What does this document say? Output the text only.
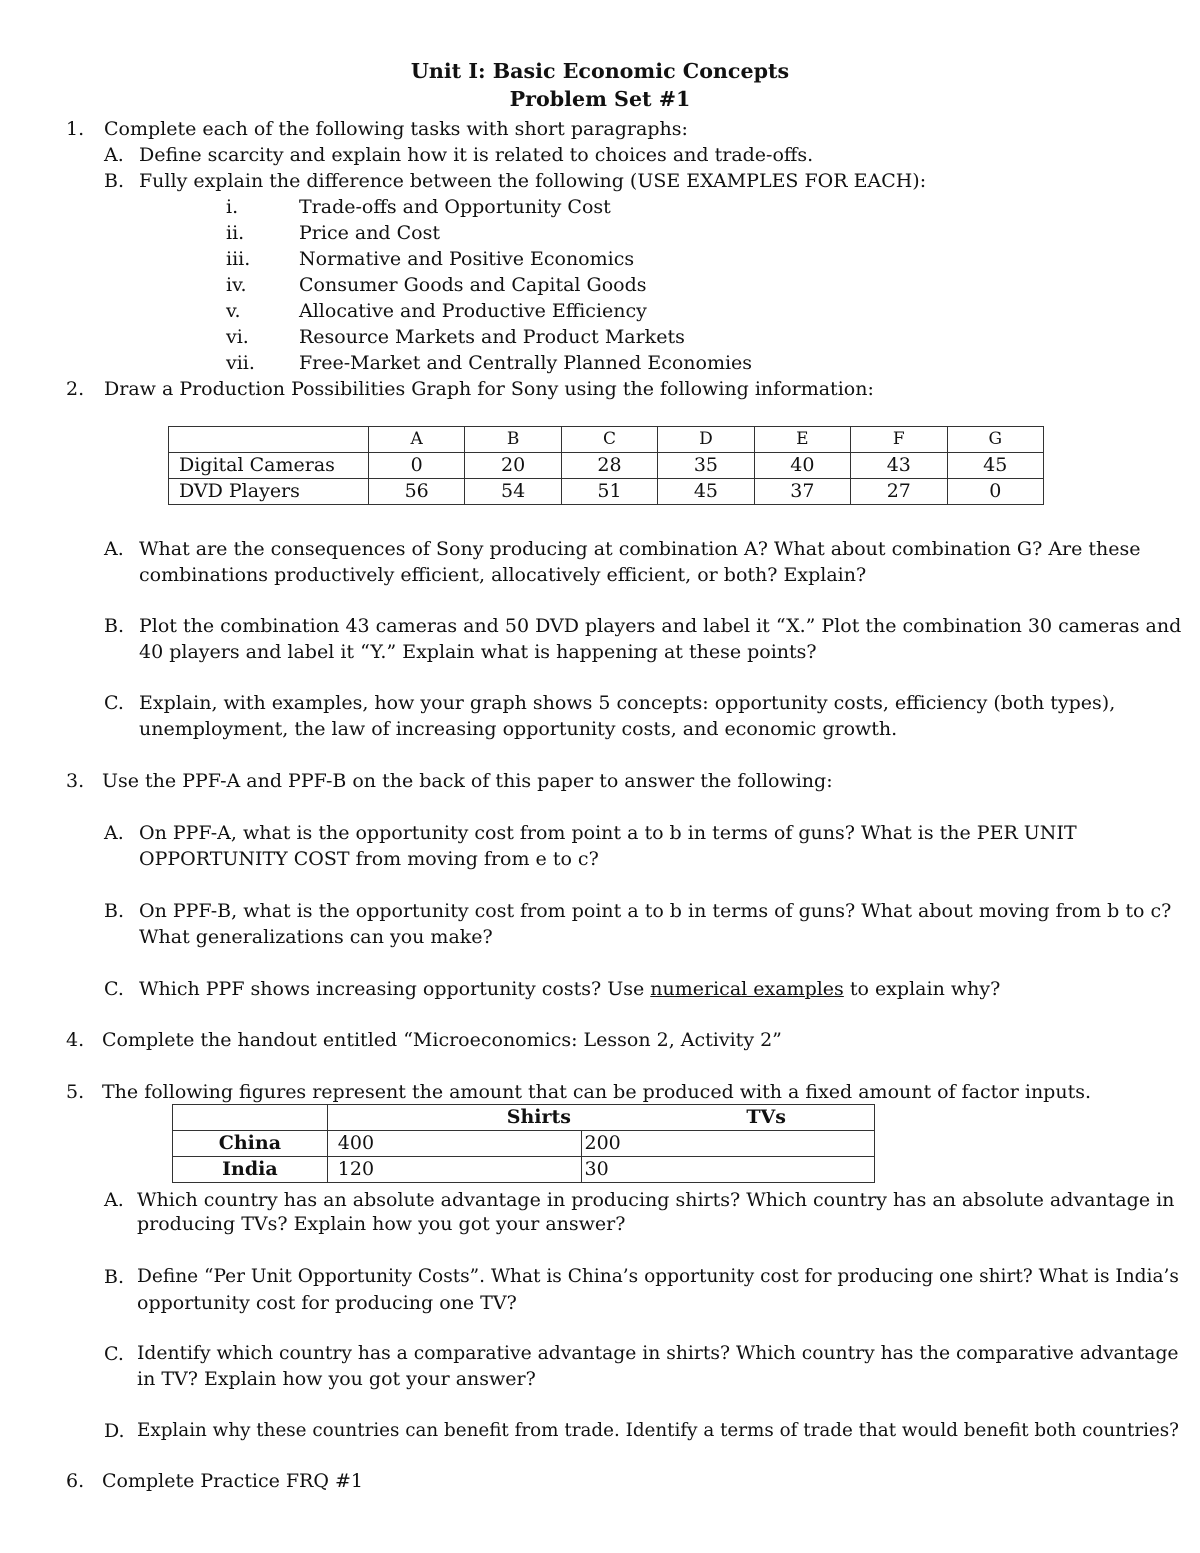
Unit I: Basic Economic Concepts
Problem Set #1
1. Complete each of the following tasks with short paragraphs:
A. Define scarcity and explain how it is related to choices and trade-offs.
B. Fully explain the difference between the following (USE EXAMPLES FOR EACH):
i.	Trade-offs and Opportunity Cost
ii.	Price and Cost
iii.	Normative and Positive Economics
iv.	Consumer Goods and Capital Goods
v.	Allocative and Productive Efficiency
vi.	Resource Markets and Product Markets
vii. Free-Market and Centrally Planned Economies
2. Draw a Production Possibilities Graph for Sony using the following information:
	A	B	C	D	E	F	G
Digital Cameras	0	20	28	35	40	43	45
DVD Players	56	54	51	45	37	27	0
A. What are the consequences of Sony producing at combination A? What about combination G? Are these
combinations productively efficient, allocatively efficient, or both? Explain?
B. Plot the combination 43 cameras and 50 DVD players and label it “X.” Plot the combination 30 cameras and
40 players and label it “Y.” Explain what is happening at these points?
C. Explain, with examples, how your graph shows 5 concepts: opportunity costs, efficiency (both types),
unemployment, the law of increasing opportunity costs, and economic growth.
3. Use the PPF-A and PPF-B on the back of this paper to answer the following:
A. On PPF-A, what is the opportunity cost from point a to b in terms of guns? What is the PER UNIT
OPPORTUNITY COST from moving from e to c?
B. On PPF-B, what is the opportunity cost from point a to b in terms of guns? What about moving from b to c?
What generalizations can you make?
C. Which PPF shows increasing opportunity costs? Use numerical examples to explain why?
4. Complete the handout entitled “Microeconomics: Lesson 2, Activity 2”
5. The following figures represent the amount that can be produced with a fixed amount of factor inputs.
	Shirts	TVs
China	400	200
India	120	30
A. Which country has an absolute advantage in producing shirts? Which country has an absolute advantage in
producing TVs? Explain how you got your answer?
B. Define “Per Unit Opportunity Costs”. What is China’s opportunity cost for producing one shirt? What is India’s
opportunity cost for producing one TV?
C. Identify which country has a comparative advantage in shirts? Which country has the comparative advantage
in TV? Explain how you got your answer?
D. Explain why these countries can benefit from trade. Identify a terms of trade that would benefit both countries?
6. Complete Practice FRQ #1
